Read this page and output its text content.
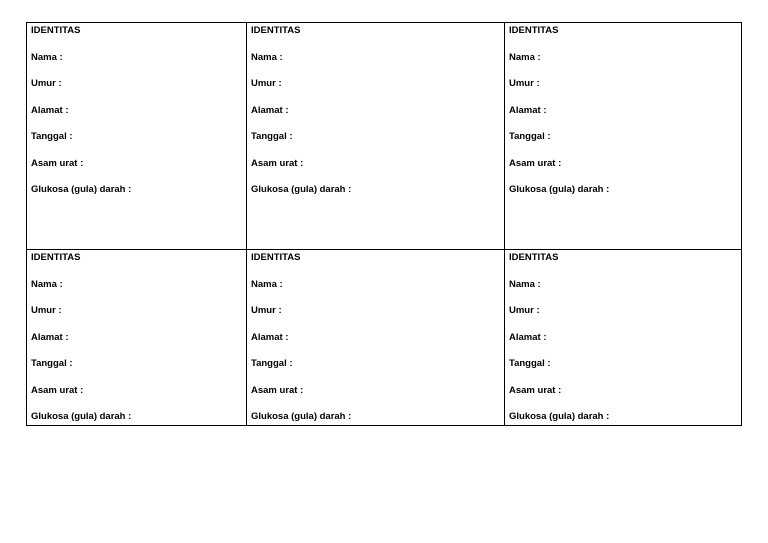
IDENTITAS
Nama :
Umur :
Alamat :
Tanggal :
Asam urat :
Glukosa (gula) darah :
IDENTITAS
Nama :
Umur :
Alamat :
Tanggal :
Asam urat :
Glukosa (gula) darah :
IDENTITAS
Nama :
Umur :
Alamat :
Tanggal :
Asam urat :
Glukosa (gula) darah :
IDENTITAS
Nama :
Umur :
Alamat :
Tanggal :
Asam urat :
Glukosa (gula) darah :
IDENTITAS
Nama :
Umur :
Alamat :
Tanggal :
Asam urat :
Glukosa (gula) darah :
IDENTITAS
Nama :
Umur :
Alamat :
Tanggal :
Asam urat :
Glukosa (gula) darah :
